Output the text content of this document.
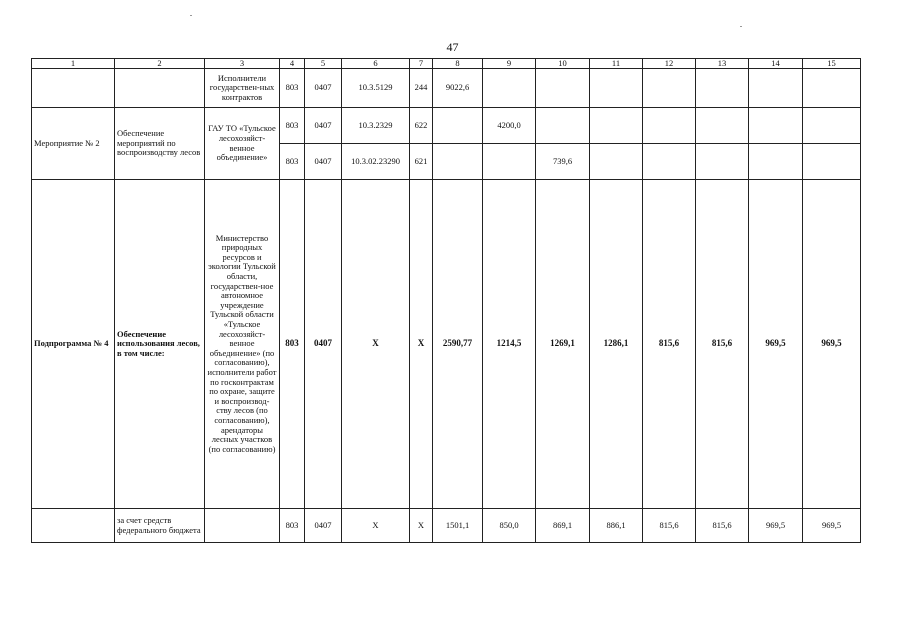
47
1	2	3	4	5	6	7	8	9	10	11	12	13	14	15
		Исполнители государствен-ных контрактов	803	0407	10.3.5129	244	9022,6							
Мероприятие № 2	Обеспечение мероприятий по воспроизводству лесов	ГАУ ТО «Тульское лесохозяйст-венное объединение»	803	0407	10.3.2329	622		4200,0						
			803	0407	10.3.02.23290	621			739,6					
Подпрограмма № 4	Обеспечение использования лесов, в том числе:	Министерство природных ресурсов и экологии Тульской области, государствен-ное автономное учреждение Тульской области «Тульское лесохозяйст-венное объединение» (по согласованию), исполнители работ по госконтрактам по охране, защите и воспроизвод-ству лесов (по согласованию), арендаторы лесных участков (по согласованию)	803	0407	Х	Х	2590,77	1214,5	1269,1	1286,1	815,6	815,6	969,5	969,5
	за счет средств федерального бюджета		803	0407	Х	Х	1501,1	850,0	869,1	886,1	815,6	815,6	969,5	969,5
